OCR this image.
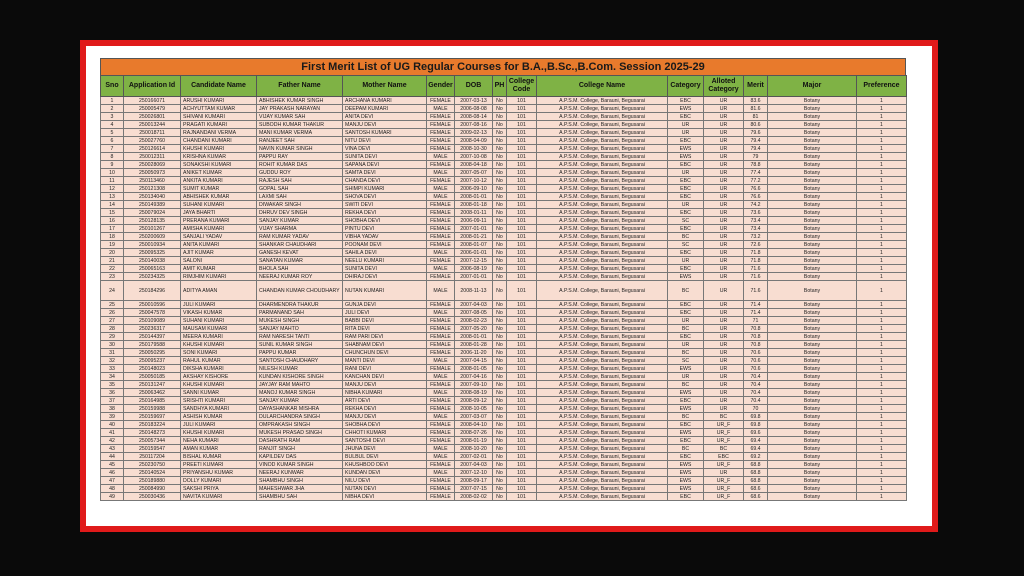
First Merit List of UG Regular Courses for B.A.,B.Sc.,B.Com. Session 2025-29
Sno	Application Id	Candidate Name	Father Name	Mother Name	Gender	DOB	PH	College Code	College Name	Category	Alloted Category	Merit	Major	Preference
1	250166071	ARUSHI KUMARI	ABHISHEK KUMAR SINGH	ARCHANA KUMARI	FEMALE	2007-03-13	No	101	A.P.S.M. College, Barauni, Begusarai	EBC	UR	83.6	Botany	1
2	250005479	ACHYUTTAM KUMAR	JAY PRAKASH NARAYAN	DEEPAM KUMARI	MALE	2006-08-08	No	101	A.P.S.M. College, Barauni, Begusarai	EWS	UR	81.6	Botany	1
3	250026801	SHIVANI KUMARI	VIJAY KUMAR SAH	ANITA DEVI	FEMALE	2008-08-14	No	101	A.P.S.M. College, Barauni, Begusarai	EBC	UR	81	Botany	1
4	250013244	PRAGATI KUMARI	SUBODH KUMAR THAKUR	MANJU DEVI	FEMALE	2007-08-16	No	101	A.P.S.M. College, Barauni, Begusarai	UR	UR	80.6	Botany	1
5	250018711	RAJNANDANI VERMA	MANI KUMAR VERMA	SANTOSH KUMARI	FEMALE	2009-02-13	No	101	A.P.S.M. College, Barauni, Begusarai	UR	UR	79.6	Botany	1
6	250027760	CHANDANI KUMARI	RANJEET SAH	NITU DEVI	FEMALE	2008-04-09	No	101	A.P.S.M. College, Barauni, Begusarai	EBC	UR	79.4	Botany	1
7	250126614	KHUSHI KUMARI	NAVIN KUMAR SINGH	VINA DEVI	FEMALE	2008-10-30	No	101	A.P.S.M. College, Barauni, Begusarai	EWS	UR	79.4	Botany	1
8	250012311	KRISHNA KUMAR	PAPPU RAY	SUNITA DEVI	MALE	2007-10-08	No	101	A.P.S.M. College, Barauni, Begusarai	EWS	UR	79	Botany	1
9	250028069	SONAKSHI KUMARI	ROHIT KUMAR DAS	SAPANA DEVI	FEMALE	2008-04-18	No	101	A.P.S.M. College, Barauni, Begusarai	EBC	UR	78.8	Botany	1
10	250050973	ANIKET KUMAR	GUDDU ROY	SAMTA DEVI	MALE	2007-05-07	No	101	A.P.S.M. College, Barauni, Begusarai	UR	UR	77.4	Botany	1
11	250113460	ANKITA KUMARI	RAJESH SAH	CHANDA DEVI	FEMALE	2007-10-12	No	101	A.P.S.M. College, Barauni, Begusarai	EBC	UR	77.2	Botany	1
12	250121308	SUMIT KUMAR	GOPAL SAH	SHIMPI KUMARI	MALE	2006-09-10	No	101	A.P.S.M. College, Barauni, Begusarai	EBC	UR	76.6	Botany	1
13	250134040	ABHISHEK KUMAR	LAXMI SAH	SHOVA DEVI	MALE	2008-01-01	No	101	A.P.S.M. College, Barauni, Begusarai	EBC	UR	76.6	Botany	1
14	250149389	SUHANI KUMARI	DIWAKAR SINGH	SWITI DEVI	FEMALE	2008-01-18	No	101	A.P.S.M. College, Barauni, Begusarai	UR	UR	74.2	Botany	1
15	250079024	JAYA BHARTI	DHRUV DEV SINGH	REKHA DEVI	FEMALE	2008-01-11	No	101	A.P.S.M. College, Barauni, Begusarai	EBC	UR	73.6	Botany	1
16	250128135	PRERANA KUMARI	SANJAY KUMAR	SHOBHA DEVI	FEMALE	2006-09-11	No	101	A.P.S.M. College, Barauni, Begusarai	SC	UR	73.4	Botany	1
17	250101267	AMISHA KUMARI	VIJAY SHARMA	PINTU DEVI	FEMALE	2007-01-01	No	101	A.P.S.M. College, Barauni, Begusarai	EBC	UR	73.4	Botany	1
18	250200609	SANJALI YADAV	RAM KUMAR YADAV	VIBHA YADAV	FEMALE	2008-01-21	No	101	A.P.S.M. College, Barauni, Begusarai	BC	UR	73.2	Botany	1
19	250010934	ANITA KUMARI	SHANKAR CHAUDHARI	POONAM DEVI	FEMALE	2008-01-07	No	101	A.P.S.M. College, Barauni, Begusarai	SC	UR	72.6	Botany	1
20	250095325	AJIT KUMAR	GANESH KEVAT	SAHILA DEVI	MALE	2006-01-01	No	101	A.P.S.M. College, Barauni, Begusarai	EBC	UR	71.8	Botany	1
21	250140038	SALONI	SANATAN KUMAR	NEELU KUMARI	FEMALE	2007-12-15	No	101	A.P.S.M. College, Barauni, Begusarai	UR	UR	71.8	Botany	1
22	250065163	AMIT KUMAR	BHOLA SAH	SUNITA DEVI	MALE	2006-08-19	No	101	A.P.S.M. College, Barauni, Begusarai	EBC	UR	71.6	Botany	1
23	250234325	RIMJHIM KUMARI	NEERAJ KUMAR ROY	DHIRAJ DEVI	FEMALE	2007-01-01	No	101	A.P.S.M. College, Barauni, Begusarai	EWS	UR	71.6	Botany	1
24	250184296	ADITYA AMAN	CHANDAN KUMAR CHOUDHARY	NUTAN KUMARI	MALE	2008-11-13	No	101	A.P.S.M. College, Barauni, Begusarai	BC	UR	71.6	Botany	1
25	250010596	JULI KUMARI	DHARMENDRA THAKUR	GUNJA DEVI	FEMALE	2007-04-03	No	101	A.P.S.M. College, Barauni, Begusarai	EBC	UR	71.4	Botany	1
26	250047578	VIKASH KUMAR	PARMANAND SAH	JULI DEVI	MALE	2007-08-05	No	101	A.P.S.M. College, Barauni, Begusarai	EBC	UR	71.4	Botany	1
27	250109089	SUHANI KUMARI	MUKESH SINGH	BABBI DEVI	FEMALE	2008-02-23	No	101	A.P.S.M. College, Barauni, Begusarai	UR	UR	71	Botany	1
28	250236317	MAUSAM KUMARI	SANJAY MAHTO	RITA DEVI	FEMALE	2007-05-20	No	101	A.P.S.M. College, Barauni, Begusarai	BC	UR	70.8	Botany	1
29	250144397	MEERA KUMARI	RAM NARESH TANTI	RAM PARI DEVI	FEMALE	2008-01-01	No	101	A.P.S.M. College, Barauni, Begusarai	EBC	UR	70.8	Botany	1
30	250179588	KHUSHI KUMARI	SUNIL KUMAR SINGH	SHABNAM DEVI	FEMALE	2008-01-28	No	101	A.P.S.M. College, Barauni, Begusarai	UR	UR	70.8	Botany	1
31	250050295	SONI KUMARI	PAPPU KUMAR	CHUNCHUN DEVI	FEMALE	2006-11-20	No	101	A.P.S.M. College, Barauni, Begusarai	BC	UR	70.6	Botany	1
32	250095237	RAHUL KUMAR	SANTOSH CHAUDHARY	MANTI DEVI	MALE	2007-04-15	No	101	A.P.S.M. College, Barauni, Begusarai	SC	UR	70.6	Botany	1
33	250148023	DIKSHA KUMARI	NILESH KUMAR	RANI DEVI	FEMALE	2008-01-05	No	101	A.P.S.M. College, Barauni, Begusarai	EWS	UR	70.6	Botany	1
34	250050185	AKSHAY KISHORE	KUNDAN KISHORE SINGH	KANCHAN DEVI	MALE	2007-04-16	No	101	A.P.S.M. College, Barauni, Begusarai	UR	UR	70.4	Botany	1
35	250131247	KHUSHI KUMARI	JAYJAY RAM MAHTO	MANJU DEVI	FEMALE	2007-09-10	No	101	A.P.S.M. College, Barauni, Begusarai	BC	UR	70.4	Botany	1
36	250063462	SANNI KUMAR	MANOJ KUMAR SINGH	NIBHA KUMARI	MALE	2008-08-19	No	101	A.P.S.M. College, Barauni, Begusarai	EWS	UR	70.4	Botany	1
37	250164985	SRISHTI KUMARI	SANJAY KUMAR	ARTI DEVI	FEMALE	2008-09-12	No	101	A.P.S.M. College, Barauni, Begusarai	EBC	UR	70.4	Botany	1
38	250159988	SANDHYA KUMARI	DAYASHANKAR MISHRA	REKHA DEVI	FEMALE	2008-10-05	No	101	A.P.S.M. College, Barauni, Begusarai	EWS	UR	70	Botany	1
39	250159697	ASHISH KUMAR	DULARCHANDRA SINGH	MANJU DEVI	MALE	2007-03-07	No	101	A.P.S.M. College, Barauni, Begusarai	BC	BC	69.8	Botany	1
40	250183224	JULI KUMARI	OMPRAKASH SINGH	SHOBHA DEVI	FEMALE	2008-04-10	No	101	A.P.S.M. College, Barauni, Begusarai	EBC	UR_F	69.8	Botany	1
41	250148273	KHUSHI KUMARI	MUKESH PRASAD SINGH	CHHOTI KUMARI	FEMALE	2008-07-26	No	101	A.P.S.M. College, Barauni, Begusarai	EWS	UR_F	69.6	Botany	1
42	250057344	NEHA KUMARI	DASHRATH RAM	SANTOSHI DEVI	FEMALE	2008-01-19	No	101	A.P.S.M. College, Barauni, Begusarai	EBC	UR_F	69.4	Botany	1
43	250159547	AMAN KUMAR	RANJIT SINGH	JHUNA DEVI	MALE	2008-10-20	No	101	A.P.S.M. College, Barauni, Begusarai	BC	BC	69.4	Botany	1
44	250117204	BISHAL KUMAR	KAPILDEV DAS	BULBUL DEVI	MALE	2007-02-01	No	101	A.P.S.M. College, Barauni, Begusarai	EBC	EBC	69.2	Botany	1
45	250230750	PREETI KUMARI	VINOD KUMAR SINGH	KHUSHBOO DEVI	FEMALE	2007-04-03	No	101	A.P.S.M. College, Barauni, Begusarai	EWS	UR_F	68.8	Botany	1
46	250140524	PRIYANSHU KUMAR	NEERAJ KUNWAR	KUNDAN DEVI	MALE	2007-12-10	No	101	A.P.S.M. College, Barauni, Begusarai	EWS	UR	68.8	Botany	1
47	250189880	DOLLY KUMARI	SHAMBHU SINGH	NILU DEVI	FEMALE	2008-09-17	No	101	A.P.S.M. College, Barauni, Begusarai	EWS	UR_F	68.8	Botany	1
48	250084990	SAKSHI PRIYA	MAHESHWAR JHA	NUTAN DEVI	FEMALE	2007-07-15	No	101	A.P.S.M. College, Barauni, Begusarai	EWS	UR_F	68.6	Botany	1
49	250030436	NAVITA KUMARI	SHAMBHU SAH	NIBHA DEVI	FEMALE	2008-02-02	No	101	A.P.S.M. College, Barauni, Begusarai	EBC	UR_F	68.6	Botany	1
